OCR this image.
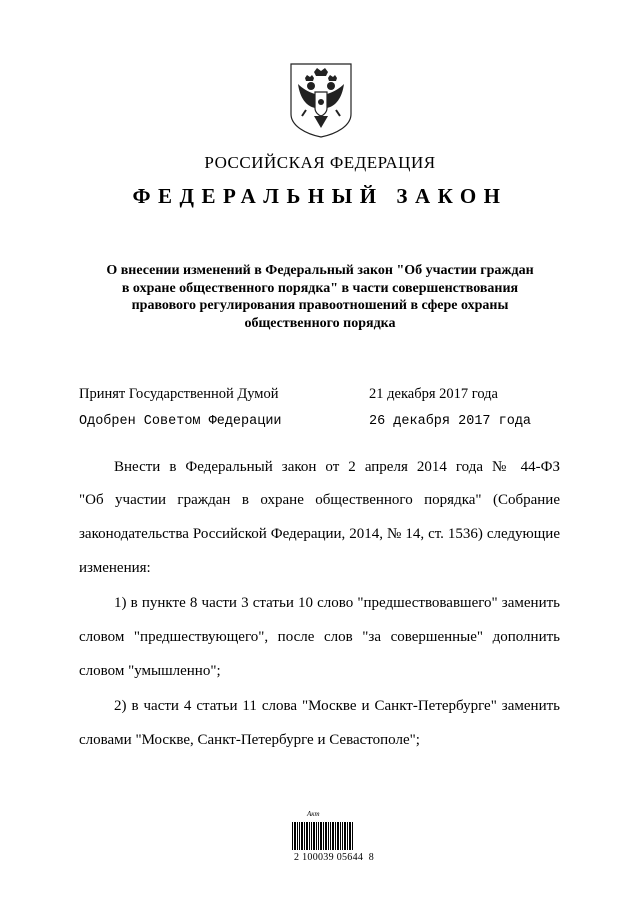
РОССИЙСКАЯ ФЕДЕРАЦИЯ
ФЕДЕРАЛЬНЫЙ ЗАКОН
О внесении изменений в Федеральный закон "Об участии граждан
в охране общественного порядка" в части совершенствования
правового регулирования правоотношений в сфере охраны
общественного порядка
Принят Государственной Думой	21 декабря 2017 года
Одобрен Советом Федерации	26 декабря 2017 года
Внести в Федеральный закон от 2 апреля 2014 года № 44-ФЗ
"Об участии граждан в охране общественного порядка" (Собрание
законодательства Российской Федерации, 2014, № 14, ст. 1536) следующие
изменения:
1) в пункте 8 части 3 статьи 10 слово "предшествовавшего" заменить
словом "предшествующего", после слов "за совершенные" дополнить
словом "умышленно";
2) в части 4 статьи 11 слова "Москве и Санкт-Петербурге" заменить
словами "Москве, Санкт-Петербурге и Севастополе";
Акт
2 100039 05644  8
